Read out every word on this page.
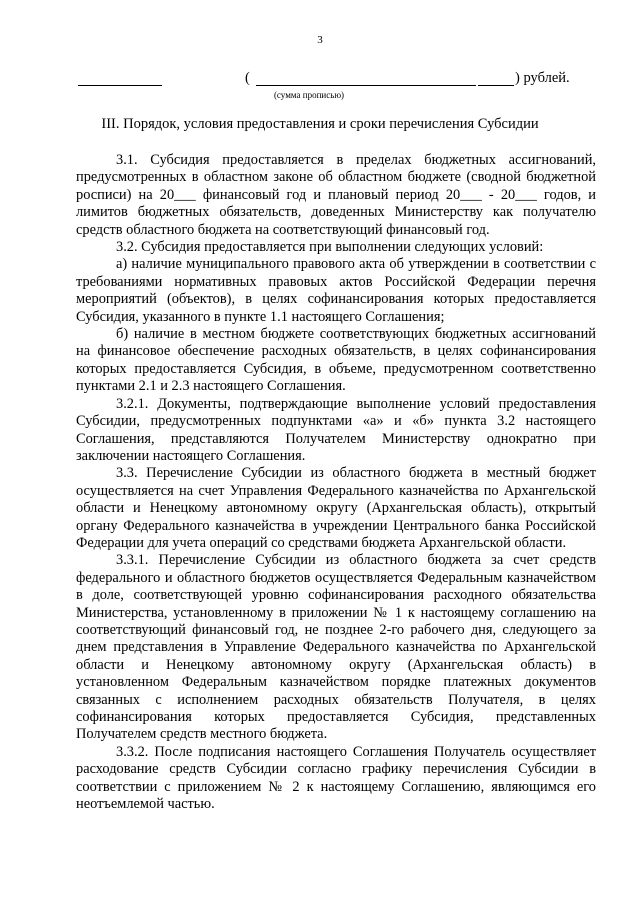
3
(	) рублей.
(сумма прописью)
III. Порядок, условия предоставления и сроки перечисления Субсидии

3.1. Субсидия предоставляется в пределах бюджетных ассигнований, предусмотренных в областном законе об областном бюджете (сводной бюджетной росписи) на 20___ финансовый год и плановый период 20___ - 20___ годов, и лимитов бюджетных обязательств, доведенных Министерству как получателю средств областного бюджета на соответствующий финансовый год.

3.2. Субсидия предоставляется при выполнении следующих условий:

а) наличие муниципального правового акта об утверждении в соответствии с требованиями нормативных правовых актов Российской Федерации перечня мероприятий (объектов), в целях софинансирования которых предоставляется Субсидия, указанного в пункте 1.1 настоящего Соглашения;

б) наличие в местном бюджете соответствующих бюджетных ассигнований на финансовое обеспечение расходных обязательств, в целях софинансирования которых предоставляется Субсидия, в объеме, предусмотренном соответственно пунктами 2.1 и 2.3 настоящего Соглашения.

3.2.1. Документы, подтверждающие выполнение условий предоставления Субсидии, предусмотренных подпунктами «а» и «б» пункта 3.2 настоящего Соглашения, представляются Получателем Министерству однократно при заключении настоящего Соглашения.

3.3. Перечисление Субсидии из областного бюджета в местный бюджет осуществляется на счет Управления Федерального казначейства по Архангельской области и Ненецкому автономному округу (Архангельская область), открытый органу Федерального казначейства в учреждении Центрального банка Российской Федерации для учета операций со средствами бюджета Архангельской области.

3.3.1. Перечисление Субсидии из областного бюджета за счет средств федерального и областного бюджетов осуществляется Федеральным казначейством в доле, соответствующей уровню софинансирования расходного обязательства Министерства, установленному в приложении № 1 к настоящему соглашению на соответствующий финансовый год, не позднее 2-го рабочего дня, следующего за днем представления в Управление Федерального казначейства по Архангельской области и Ненецкому автономному округу (Архангельская область) в установленном Федеральным казначейством порядке платежных документов связанных с исполнением расходных обязательств Получателя, в целях софинансирования которых предоставляется Субсидия, представленных Получателем средств местного бюджета.

3.3.2. После подписания настоящего Соглашения Получатель осуществляет расходование средств Субсидии согласно графику перечисления Субсидии в соответствии с приложением № 2 к настоящему Соглашению, являющимся его неотъемлемой частью.
